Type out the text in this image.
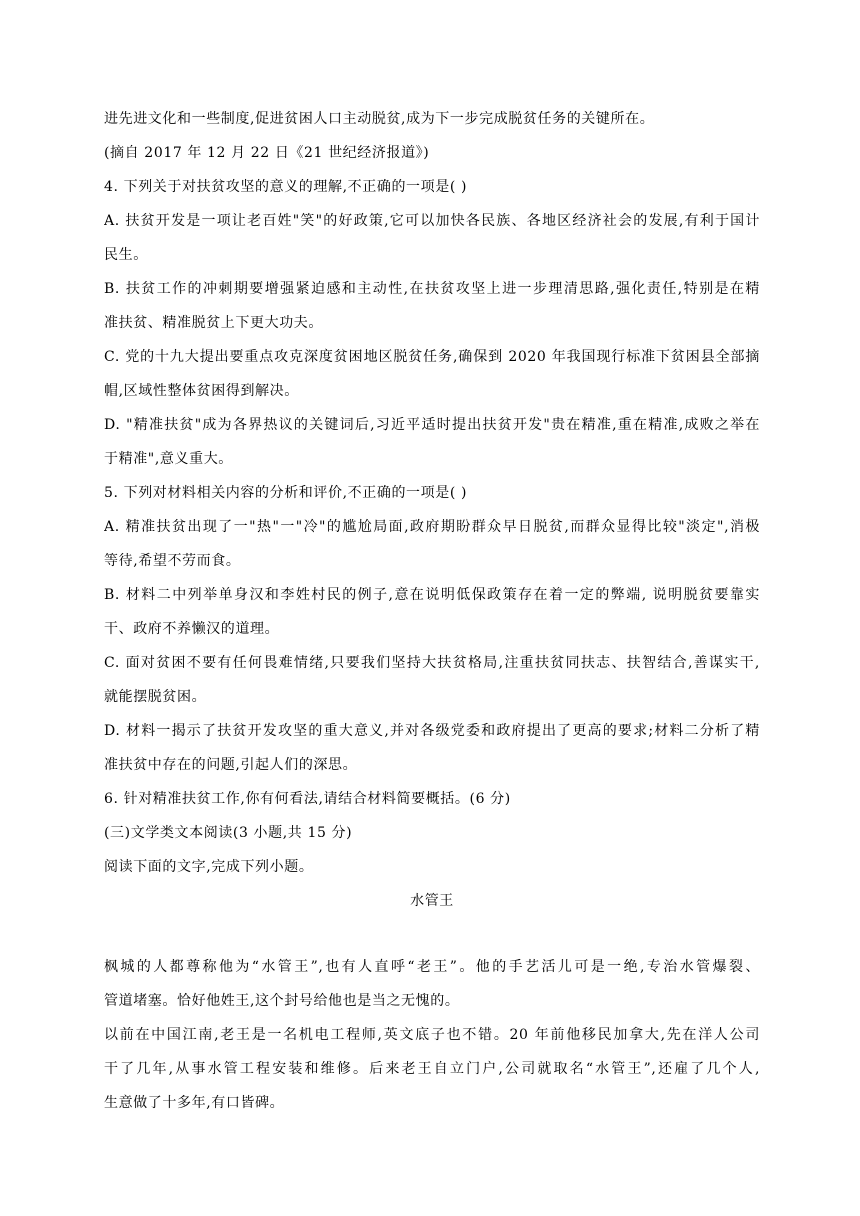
进先进文化和一些制度,促进贫困人口主动脱贫,成为下一步完成脱贫任务的关键所在。
(摘自 2017 年 12 月 22 日《21 世纪经济报道》)
4. 下列关于对扶贫攻坚的意义的理解,不正确的一项是( )
A. 扶贫开发是一项让老百姓"笑"的好政策,它可以加快各民族、各地区经济社会的发展,有利于国计
民生。
B. 扶贫工作的冲刺期要增强紧迫感和主动性,在扶贫攻坚上进一步理清思路,强化责任,特别是在精
准扶贫、精准脱贫上下更大功夫。
C. 党的十九大提出要重点攻克深度贫困地区脱贫任务,确保到 2020 年我国现行标准下贫困县全部摘
帽,区域性整体贫困得到解决。
D. "精准扶贫"成为各界热议的关键词后,习近平适时提出扶贫开发"贵在精准,重在精准,成败之举在
于精准",意义重大。
5. 下列对材料相关内容的分析和评价,不正确的一项是( )
A. 精准扶贫出现了一"热"一"冷"的尴尬局面,政府期盼群众早日脱贫,而群众显得比较"淡定",消极
等待,希望不劳而食。
B. 材料二中列举单身汉和李姓村民的例子,意在说明低保政策存在着一定的弊端, 说明脱贫要靠实
干、政府不养懒汉的道理。
C. 面对贫困不要有任何畏难情绪,只要我们坚持大扶贫格局,注重扶贫同扶志、扶智结合,善谋实干,
就能摆脱贫困。
D. 材料一揭示了扶贫开发攻坚的重大意义,并对各级党委和政府提出了更高的要求;材料二分析了精
准扶贫中存在的问题,引起人们的深思。
6. 针对精准扶贫工作,你有何看法,请结合材料简要概括。(6 分)
(三)文学类文本阅读(3 小题,共 15 分)
阅读下面的文字,完成下列小题。
水管王
枫城的人都尊称他为“水管王”,也有人直呼“老王”。他的手艺活儿可是一绝,专治水管爆裂、
管道堵塞。恰好他姓王,这个封号给他也是当之无愧的。
以前在中国江南,老王是一名机电工程师,英文底子也不错。20 年前他移民加拿大,先在洋人公司
干了几年,从事水管工程安装和维修。后来老王自立门户,公司就取名“水管王”,还雇了几个人,
生意做了十多年,有口皆碑。
